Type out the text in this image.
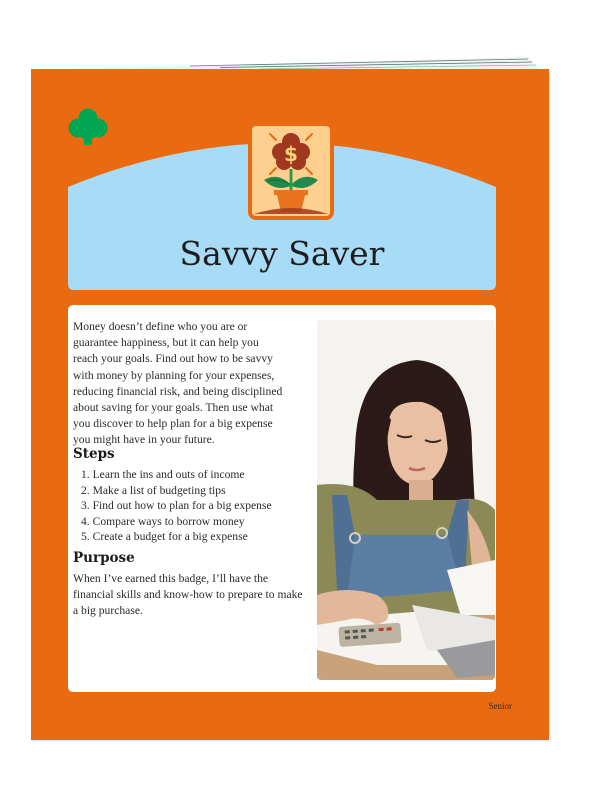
$
Savvy Saver

Money doesn’t define who you are or guarantee happiness, but it can help you reach your goals. Find out how to be savvy with money by planning for your expenses, reducing financial risk, and being disciplined about saving for your goals. Then use what you discover to help plan for a big expense you might have in your future.

Steps
1. Learn the ins and outs of income
2. Make a list of budgeting tips
3. Find out how to plan for a big expense
4. Compare ways to borrow money
5. Create a budget for a big expense
Purpose

When I’ve earned this badge, I’ll have the financial skills and know-how to prepare to make a big purchase.

Senior
